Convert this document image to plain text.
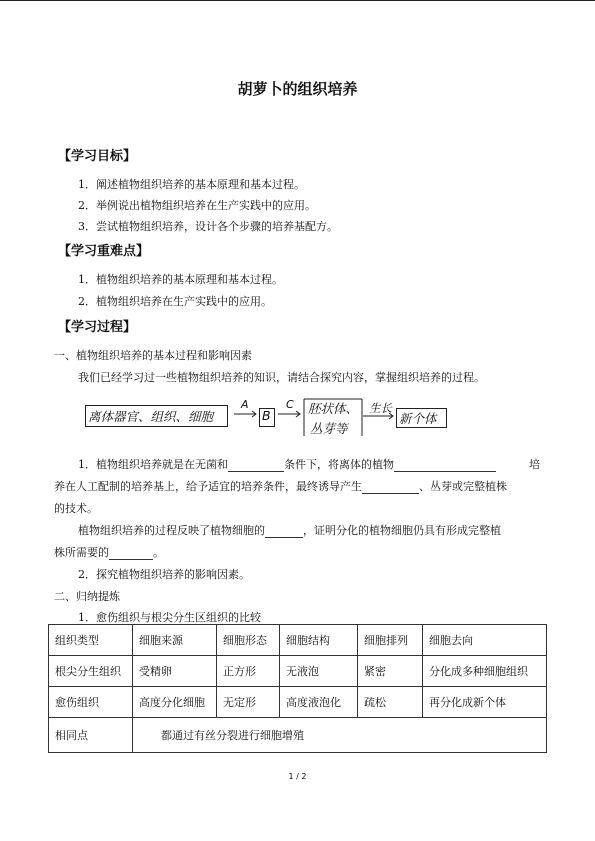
胡萝卜的组织培养
【学习目标】
1．阐述植物组织培养的基本原理和基本过程。
2．举例说出植物组织培养在生产实践中的应用。
3．尝试植物组织培养，设计各个步骤的培养基配方。
【学习重难点】
1．植物组织培养的基本原理和基本过程。
2．植物组织培养在生产实践中的应用。
【学习过程】
一、植物组织培养的基本过程和影响因素
我们已经学习过一些植物组织培养的知识，请结合探究内容，掌握组织培养的过程。
离体器官、组织、细胞
A
B
C 胚状体、
丛芽等
生长
新个体
1．植物组织培养就是在无菌和	条件下，将离体的植物	培
养在人工配制的培养基上，给予适宜的培养条件，最终诱导产生	、丛芽或完整植株
的技术。
植物组织培养的过程反映了植物细胞的	，证明分化的植物细胞仍具有形成完整植
株所需要的	。
2．探究植物组织培养的影响因素。
二、归纳提炼
1．愈伤组织与根尖分生区组织的比较
组织类型	细胞来源	细胞形态	细胞结构	细胞排列	细胞去向
根尖分生组织	受精卵	正方形	无液泡	紧密	分化成多种细胞组织
愈伤组织	高度分化细胞	无定形	高度液泡化	疏松	再分化成新个体
相同点	都通过有丝分裂进行细胞增殖				
1 / 2
